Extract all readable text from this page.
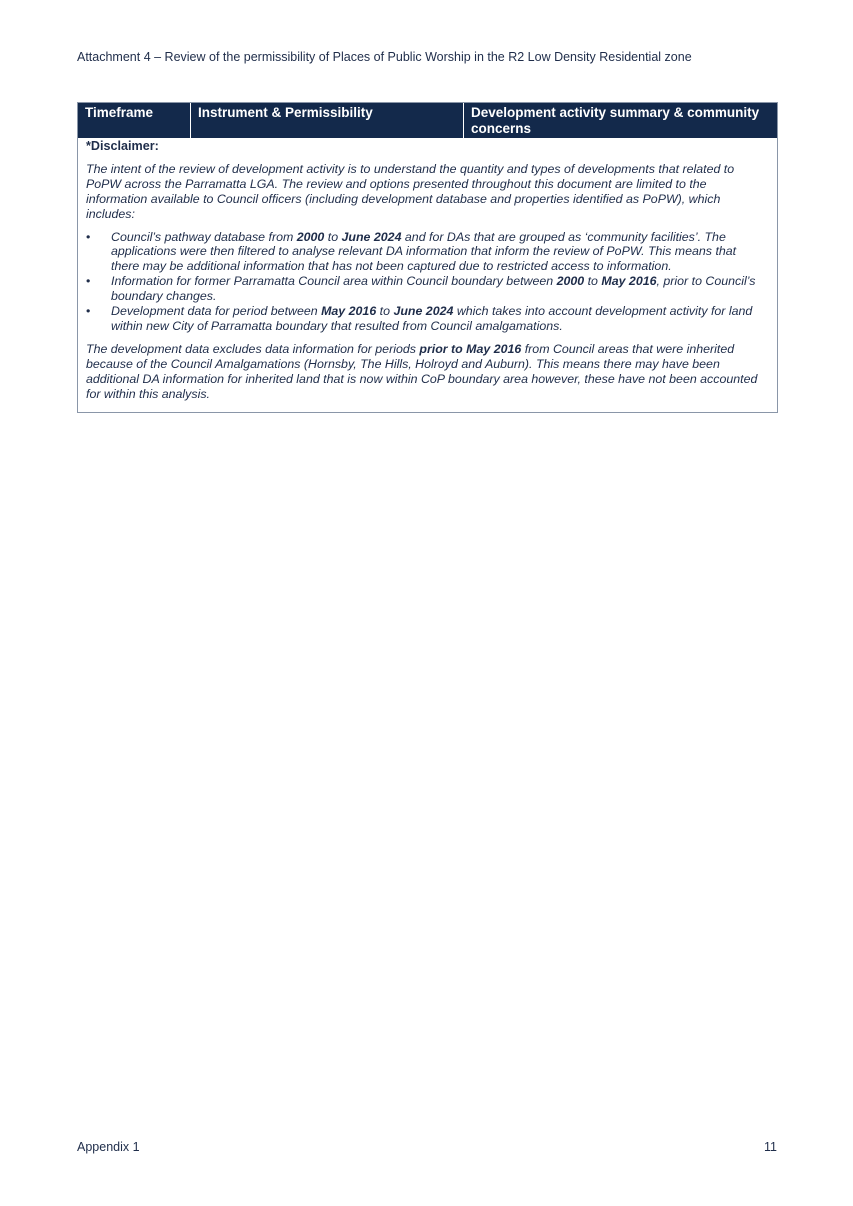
Attachment 4 – Review of the permissibility of Places of Public Worship in the R2 Low Density Residential zone
Timeframe	Instrument & Permissibility	Development activity summary & community concerns

*Disclaimer:

The intent of the review of development activity is to understand the quantity and types of developments that related to PoPW across the Parramatta LGA. The review and options presented throughout this document are limited to the information available to Council officers (including development database and properties identified as PoPW), which includes:

• Council’s pathway database from 2000 to June 2024 and for DAs that are grouped as ‘community facilities’. The applications were then filtered to analyse relevant DA information that inform the review of PoPW. This means that there may be additional information that has not been captured due to restricted access to information.
• Information for former Parramatta Council area within Council boundary between 2000 to May 2016, prior to Council’s boundary changes.
• Development data for period between May 2016 to June 2024 which takes into account development activity for land within new City of Parramatta boundary that resulted from Council amalgamations.

The development data excludes data information for periods prior to May 2016 from Council areas that were inherited because of the Council Amalgamations (Hornsby, The Hills, Holroyd and Auburn). This means there may have been additional DA information for inherited land that is now within CoP boundary area however, these have not been accounted for within this analysis.

Appendix 1	11
